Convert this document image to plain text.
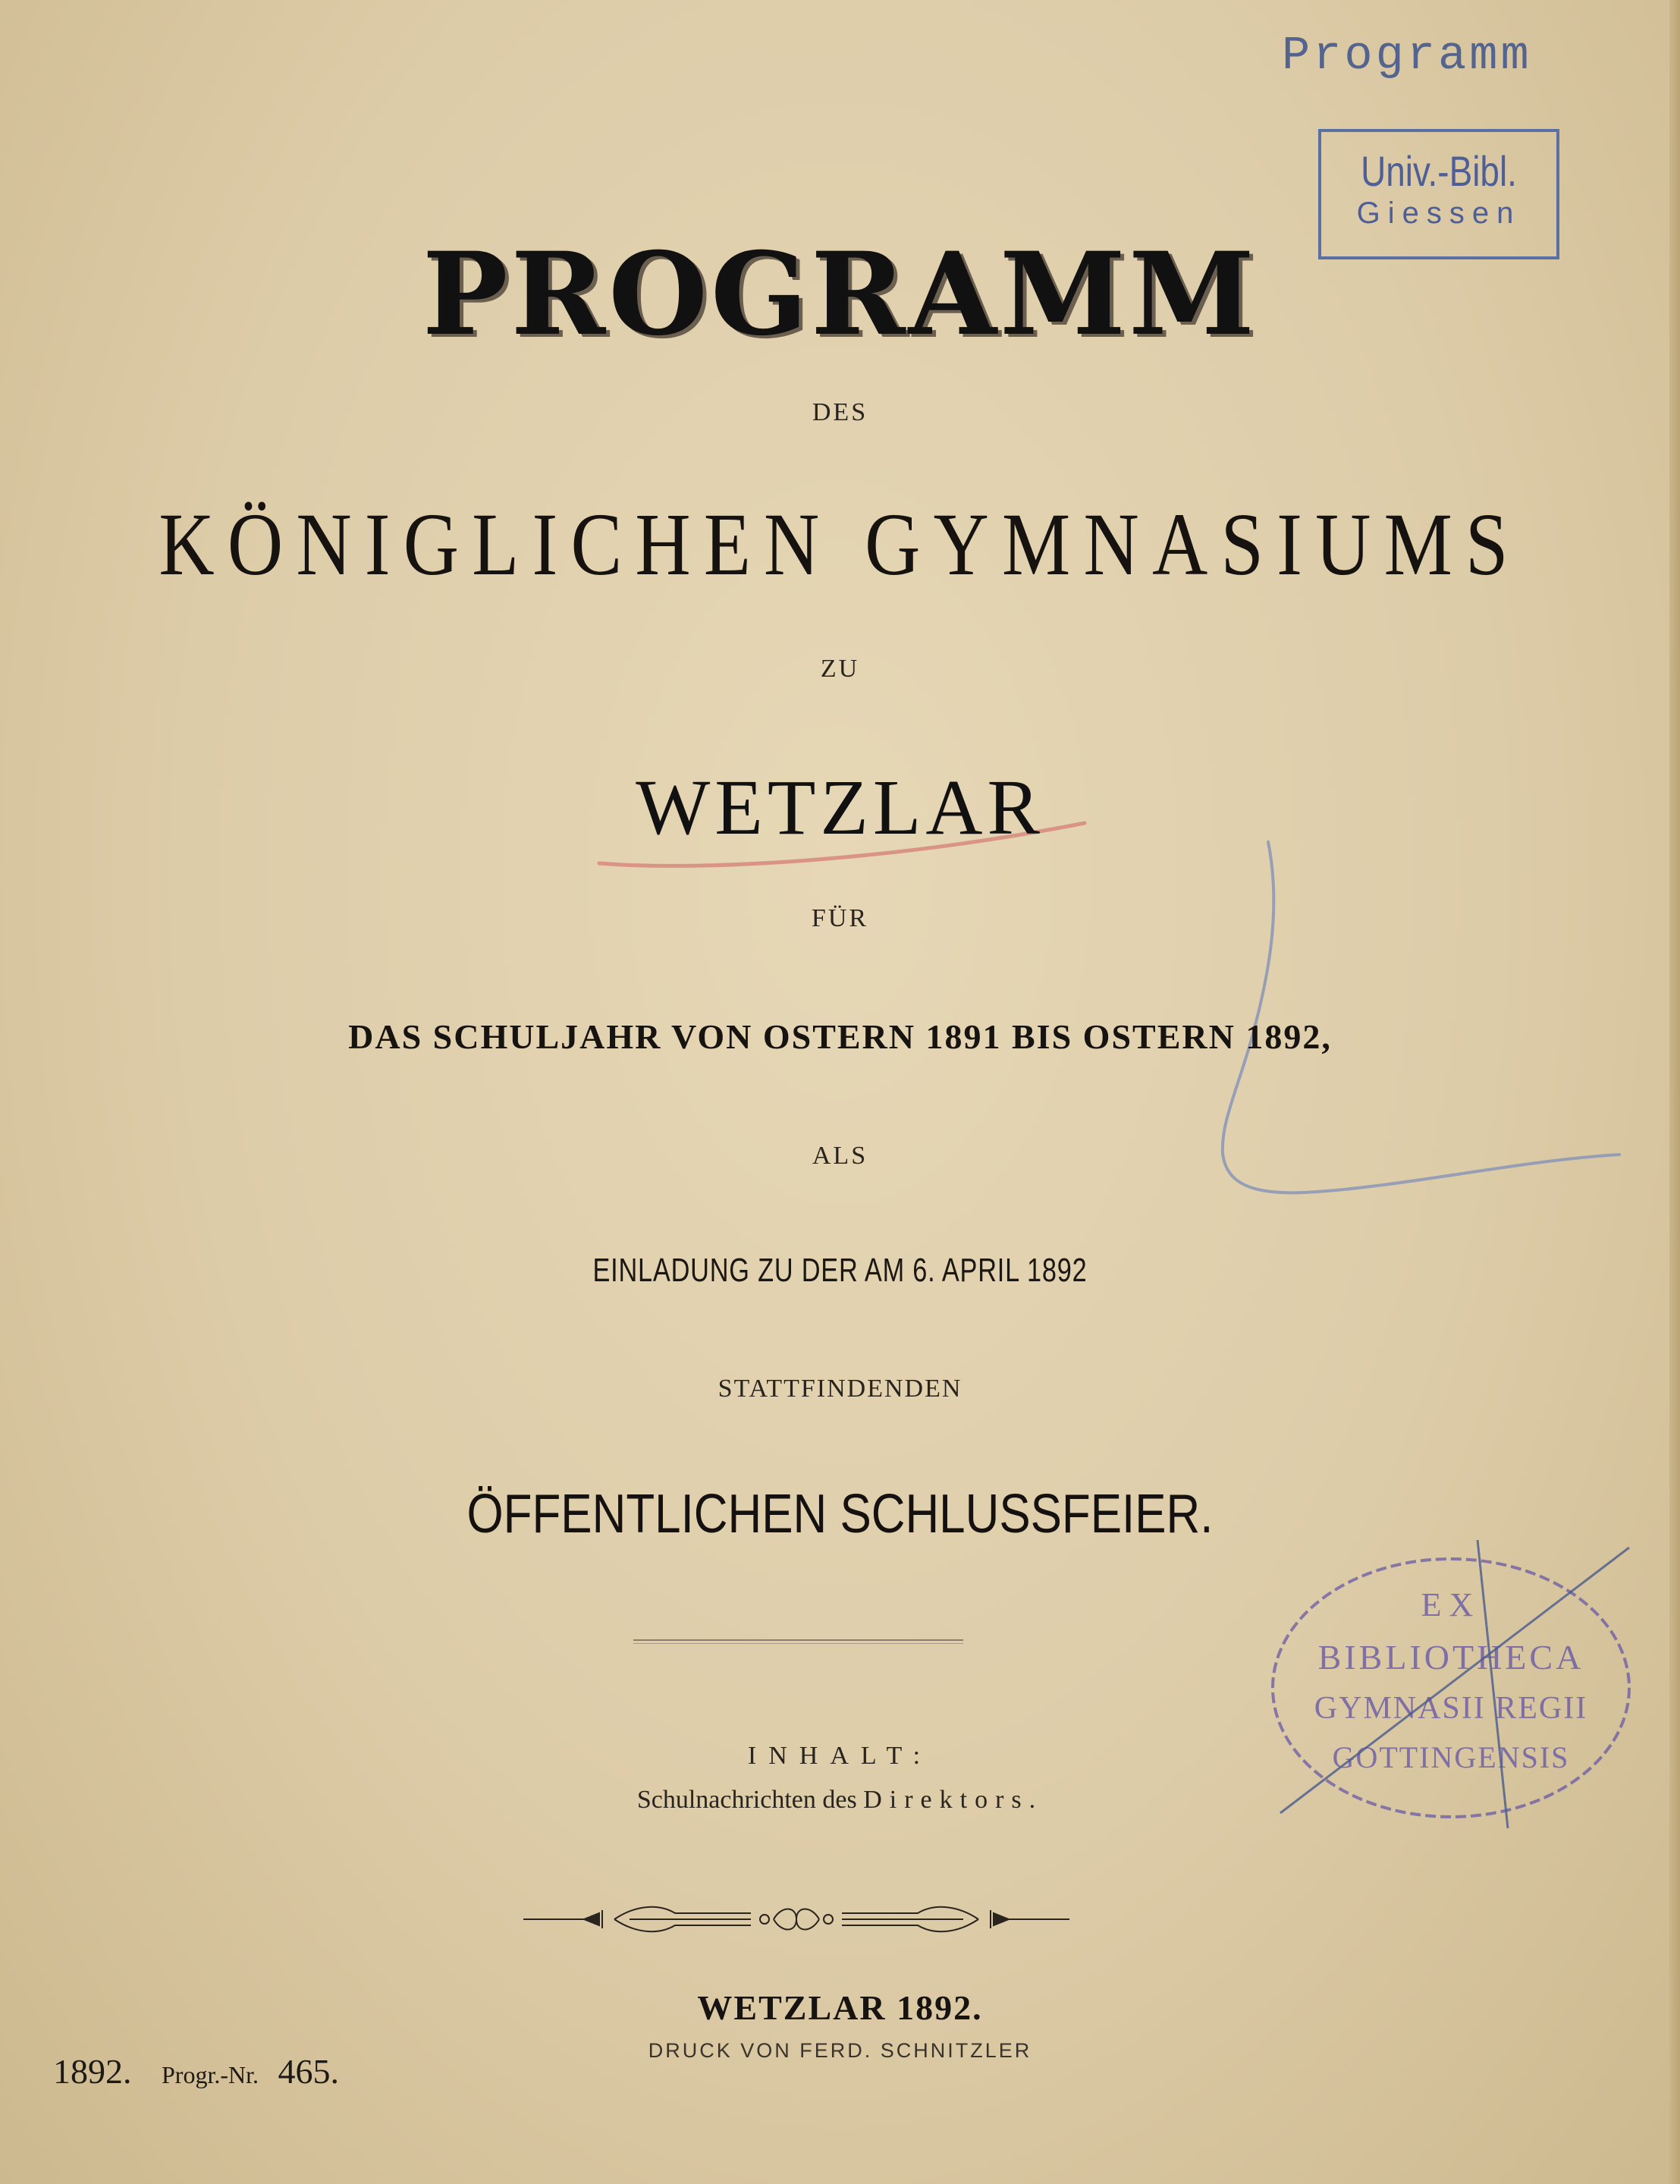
PROGRAMM
DES
KÖNIGLICHEN GYMNASIUMS
ZU
WETZLAR
FÜR
DAS SCHULJAHR VON OSTERN 1891 BIS OSTERN 1892,
ALS
EINLADUNG ZU DER AM 6. APRIL 1892
STATTFINDENDEN
ÖFFENTLICHEN SCHLUSSFEIER.
INHALT:
Schulnachrichten des Direktors.
WETZLAR 1892.
DRUCK VON FERD. SCHNITZLER
1892. Progr.-Nr. 465.
Programm
Univ.-Bibl.
Giessen
EX
BIBLIOTHECA
GYMNASII REGII
GOTTINGENSIS
